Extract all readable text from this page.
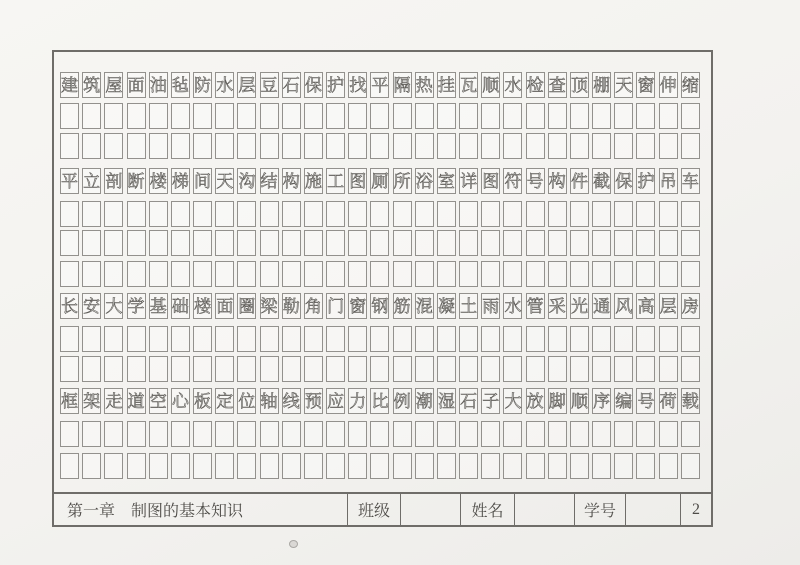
建 筑 屋 面 油 毡 防 水 层 豆 石 保 护 找 平 隔 热 挂 瓦 顺 水 检 查 顶 棚 天 窗 伸 缩
平 立 剖 断 楼 梯 间 天 沟 结 构 施 工 图 厕 所 浴 室 详 图 符 号 构 件 截 保 护 吊 车
长 安 大 学 基 础 楼 面 圈 梁 勒 角 门 窗 钢 筋 混 凝 土 雨 水 管 采 光 通 风 高 层 房
框 架 走 道 空 心 板 定 位 轴 线 预 应 力 比 例 潮 湿 石 子 大 放 脚 顺 序 编 号 荷 载
第一章 制图的基本知识	班级	姓名	学号	2
